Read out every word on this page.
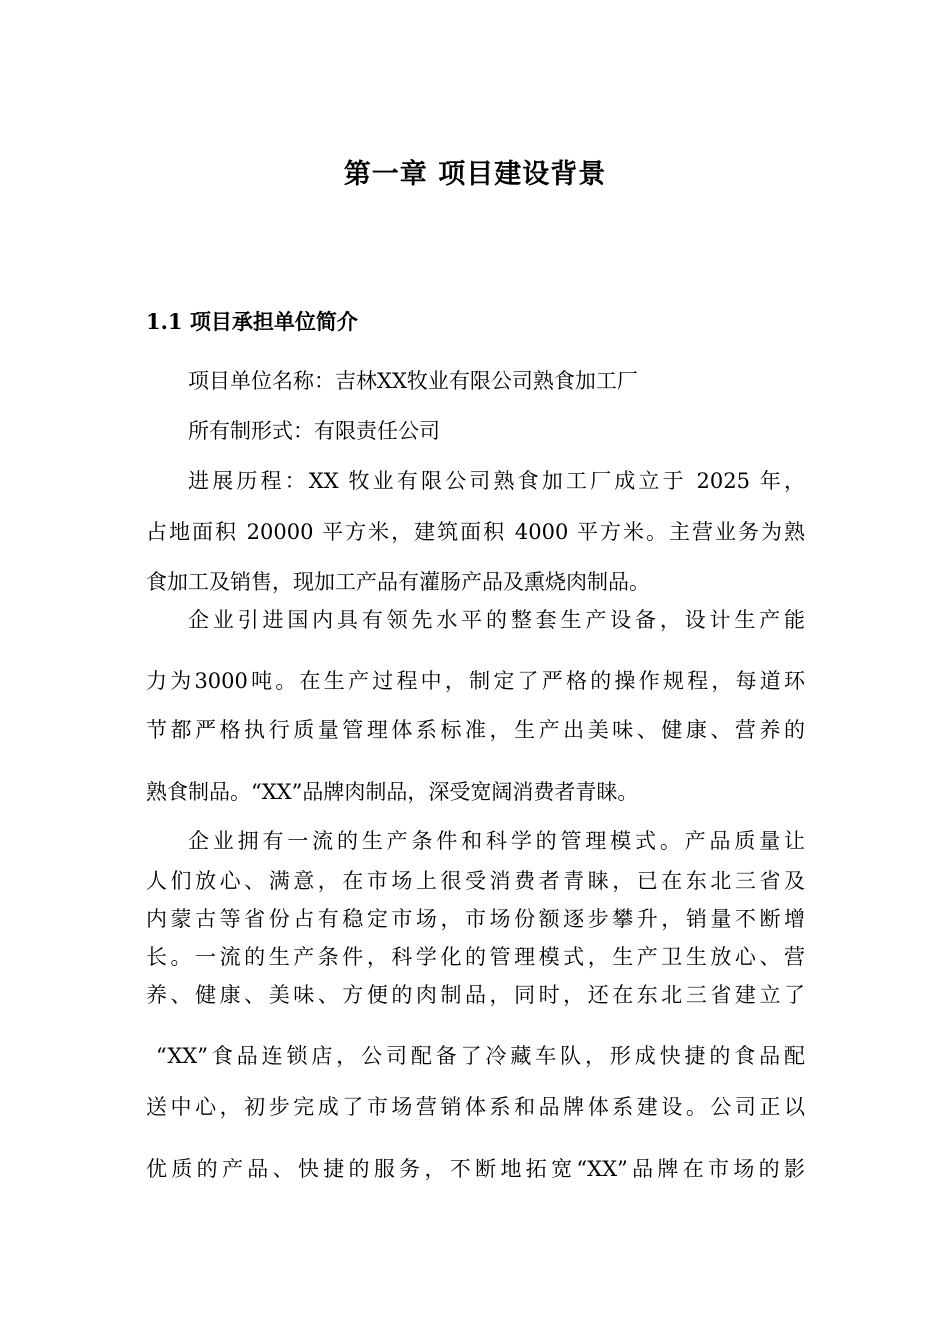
第一章 项目建设背景
1.1 项目承担单位简介

项目单位名称：吉林XX牧业有限公司熟食加工厂

所有制形式：有限责任公司

进展历程：XX 牧业有限公司熟食加工厂成立于 2025 年，

占地面积 20000 平方米，建筑面积 4000 平方米。主营业务为熟

食加工及销售，现加工产品有灌肠产品及熏烧肉制品。

企业引进国内具有领先水平的整套生产设备，设计生产能

力为3000吨。在生产过程中，制定了严格的操作规程，每道环

节都严格执行质量管理体系标准，生产出美味、健康、营养的

熟食制品。“XX”品牌肉制品，深受宽阔消费者青睐。

企业拥有一流的生产条件和科学的管理模式。产品质量让

人们放心、满意，在市场上很受消费者青睐，已在东北三省及

内蒙古等省份占有稳定市场，市场份额逐步攀升，销量不断增

长。一流的生产条件，科学化的管理模式，生产卫生放心、营

养、健康、美味、方便的肉制品，同时，还在东北三省建立了

“XX”食品连锁店，公司配备了冷藏车队，形成快捷的食品配

送中心，初步完成了市场营销体系和品牌体系建设。公司正以

优质的产品、快捷的服务，不断地拓宽“XX”品牌在市场的影
